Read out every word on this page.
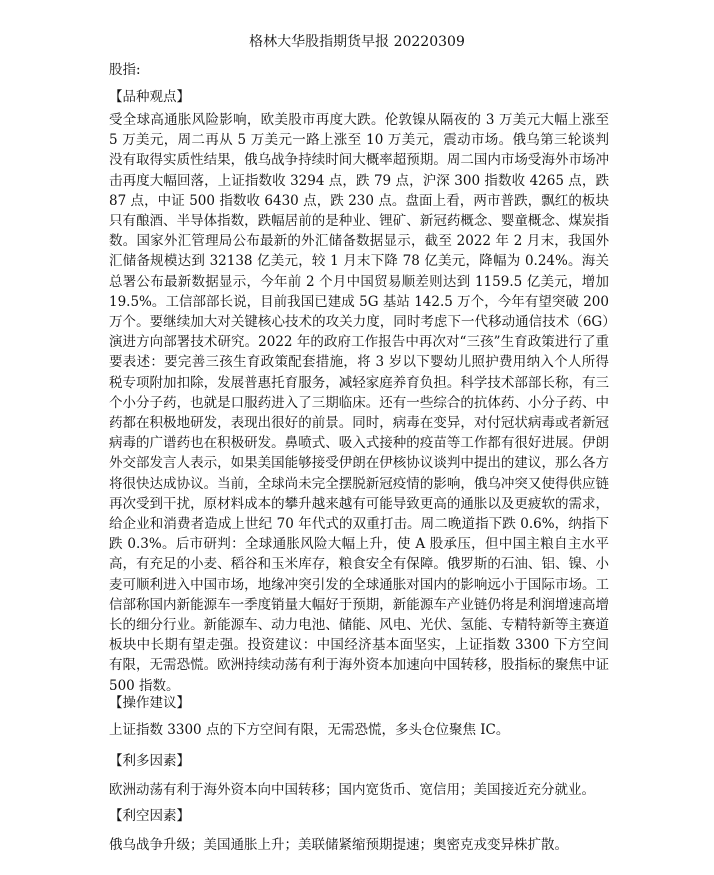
格林大华股指期货早报 20220309
股指:
【品种观点】

受全球高通胀风险影响，欧美股市再度大跌。伦敦镍从隔夜的 3 万美元大幅上涨至 5 万美元，周二再从 5 万美元一路上涨至 10 万美元，震动市场。俄乌第三轮谈判没有取得实质性结果，俄乌战争持续时间大概率超预期。周二国内市场受海外市场冲击再度大幅回落，上证指数收 3294 点，跌 79 点，沪深 300 指数收 4265 点，跌 87 点，中证 500 指数收 6430 点，跌 230 点。盘面上看，两市普跌，飘红的板块只有酿酒、半导体指数，跌幅居前的是种业、锂矿、新冠药概念、婴童概念、煤炭指数。国家外汇管理局公布最新的外汇储备数据显示，截至 2022 年 2 月末，我国外汇储备规模达到 32138 亿美元，较 1 月末下降 78 亿美元，降幅为 0.24%。海关总署公布最新数据显示，今年前 2 个月中国贸易顺差则达到 1159.5 亿美元，增加 19.5%。工信部部长说，目前我国已建成 5G 基站 142.5 万个，今年有望突破 200 万个。要继续加大对关键核心技术的攻关力度，同时考虑下一代移动通信技术（6G）演进方向部署技术研究。2022 年的政府工作报告中再次对“三孩”生育政策进行了重要表述：要完善三孩生育政策配套措施，将 3 岁以下婴幼儿照护费用纳入个人所得税专项附加扣除，发展普惠托育服务，减轻家庭养育负担。科学技术部部长称，有三个小分子药，也就是口服药进入了三期临床。还有一些综合的抗体药、小分子药、中药都在积极地研发，表现出很好的前景。同时，病毒在变异，对付冠状病毒或者新冠病毒的广谱药也在积极研发。鼻喷式、吸入式接种的疫苗等工作都有很好进展。伊朗外交部发言人表示，如果美国能够接受伊朗在伊核协议谈判中提出的建议，那么各方将很快达成协议。当前，全球尚未完全摆脱新冠疫情的影响，俄乌冲突又使得供应链再次受到干扰，原材料成本的攀升越来越有可能导致更高的通胀以及更疲软的需求，给企业和消费者造成上世纪 70 年代式的双重打击。周二晚道指下跌 0.6%，纳指下跌 0.3%。后市研判：全球通胀风险大幅上升，使 A 股承压，但中国主粮自主水平高，有充足的小麦、稻谷和玉米库存，粮食安全有保障。俄罗斯的石油、铝、镍、小麦可顺利进入中国市场，地缘冲突引发的全球通胀对国内的影响远小于国际市场。工信部称国内新能源车一季度销量大幅好于预期，新能源车产业链仍将是利润增速高增长的细分行业。新能源车、动力电池、储能、风电、光伏、氢能、专精特新等主赛道板块中长期有望走强。投资建议：中国经济基本面坚实，上证指数 3300 下方空间有限，无需恐慌。欧洲持续动荡有利于海外资本加速向中国转移，股指标的聚焦中证 500 指数。

【操作建议】

上证指数 3300 点的下方空间有限，无需恐慌，多头仓位聚焦 IC。

【利多因素】

欧洲动荡有利于海外资本向中国转移；国内宽货币、宽信用；美国接近充分就业。

【利空因素】

俄乌战争升级；美国通胀上升；美联储紧缩预期提速；奥密克戎变异株扩散。
